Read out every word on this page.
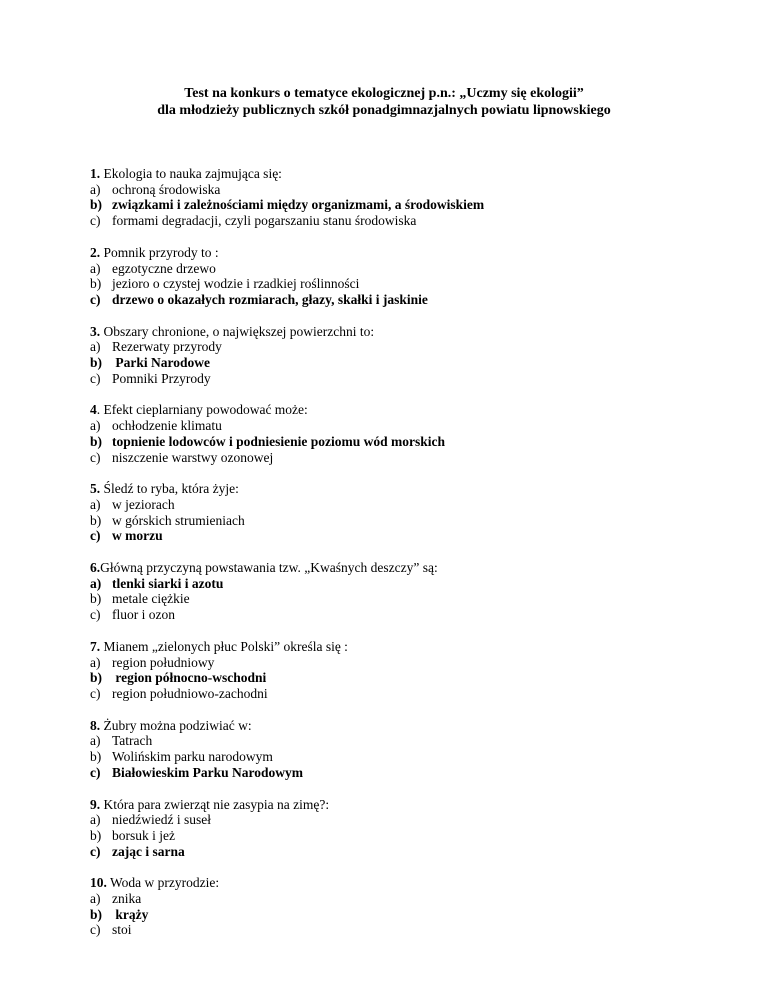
Test na konkurs o tematyce ekologicznej p.n.: „Uczmy się ekologii”
dla młodzieży publicznych szkół ponadgimnazjalnych powiatu lipnowskiego
1. Ekologia to nauka zajmująca się:
a) ochroną środowiska
b) związkami i zależnościami między organizmami, a środowiskiem
c) formami degradacji, czyli pogarszaniu stanu środowiska
2. Pomnik przyrody to :
a) egzotyczne drzewo
b) jezioro o czystej wodzie i rzadkiej roślinności
c) drzewo o okazałych rozmiarach, głazy, skałki i jaskinie
3. Obszary chronione, o największej powierzchni to:
a) Rezerwaty przyrody
b) Parki Narodowe
c) Pomniki Przyrody
4. Efekt cieplarniany powodować może:
a) ochłodzenie klimatu
b) topnienie lodowców i podniesienie poziomu wód morskich
c) niszczenie warstwy ozonowej
5. Śledź to ryba, która żyje:
a) w jeziorach
b) w górskich strumieniach
c) w morzu
6.Główną przyczyną powstawania tzw. „Kwaśnych deszczy” są:
a) tlenki siarki i azotu
b) metale ciężkie
c) fluor i ozon
7. Mianem „zielonych płuc Polski” określa się :
a) region południowy
b) region północno-wschodni
c) region południowo-zachodni
8. Żubry można podziwiać w:
a) Tatrach
b) Wolińskim parku narodowym
c) Białowieskim Parku Narodowym
9. Która para zwierząt nie zasypia na zimę?:
a) niedźwiedź i suseł
b) borsuk i jeż
c) zając i sarna
10. Woda w przyrodzie:
a) znika
b) krąży
c) stoi
